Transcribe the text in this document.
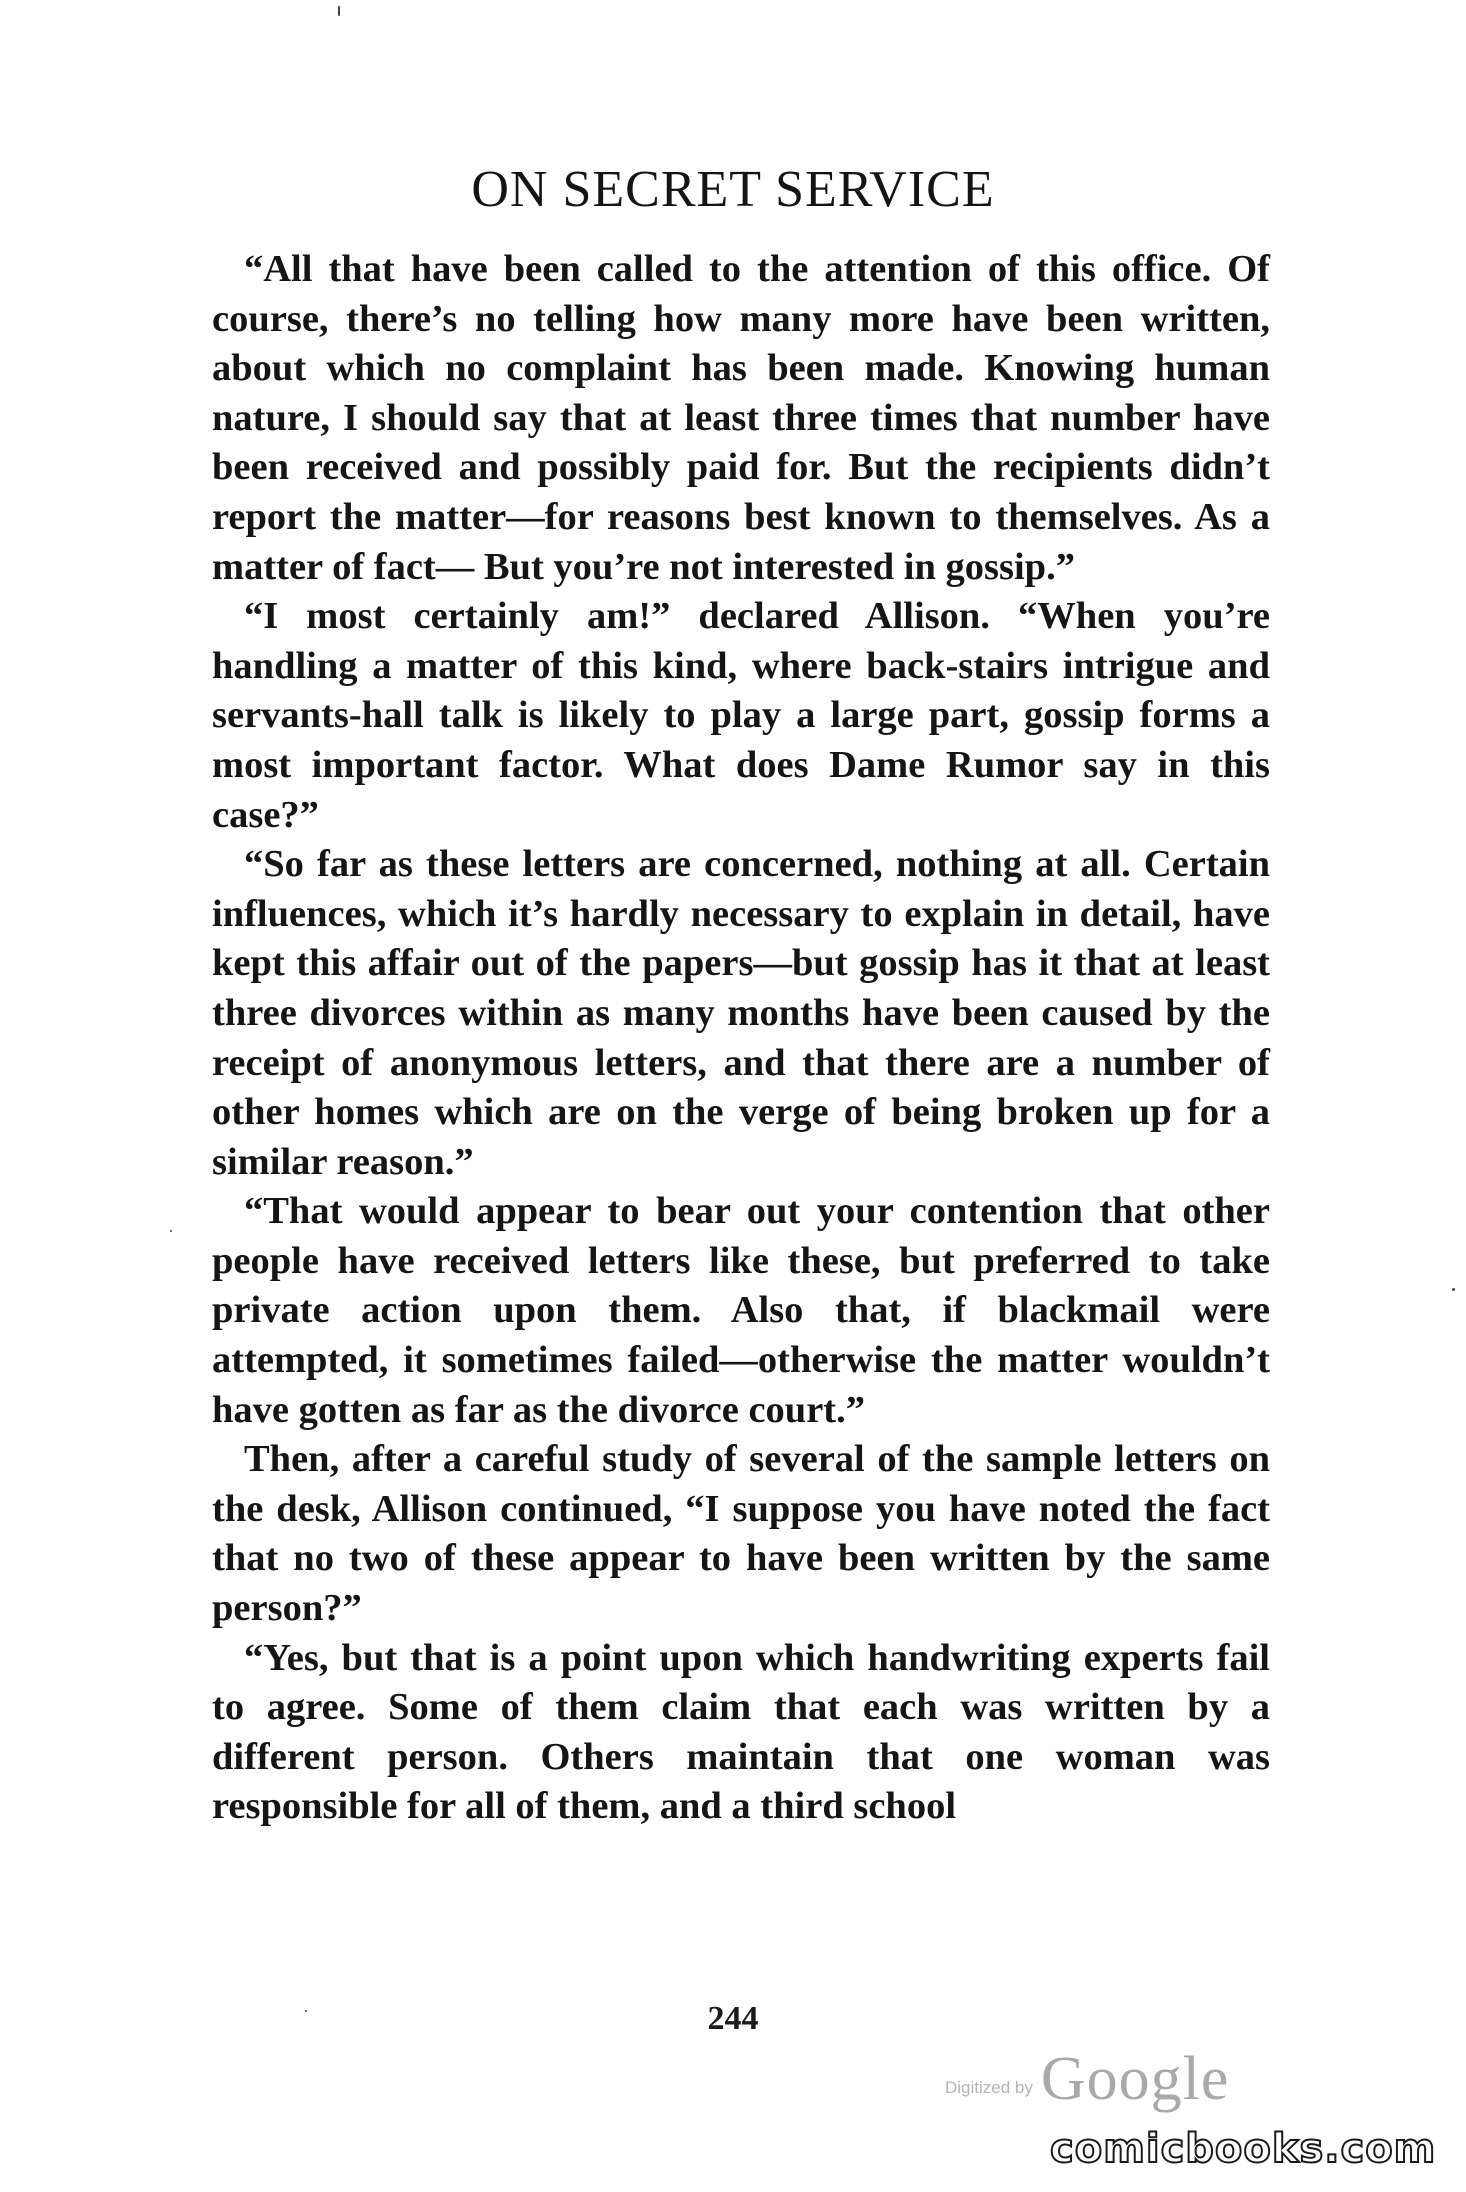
ON SECRET SERVICE

“All that have been called to the attention of this office. Of course, there’s no telling how many more have been written, about which no complaint has been made. Knowing human nature, I should say that at least three times that number have been received and possibly paid for. But the recipients didn’t report the matter—for reasons best known to themselves. As a matter of fact— But you’re not interested in gossip.”

“I most certainly am!” declared Allison. “When you’re handling a matter of this kind, where back-stairs intrigue and servants-hall talk is likely to play a large part, gossip forms a most important factor. What does Dame Rumor say in this case?”

“So far as these letters are concerned, nothing at all. Certain influences, which it’s hardly necessary to explain in detail, have kept this affair out of the papers—but gossip has it that at least three divorces within as many months have been caused by the receipt of anonymous letters, and that there are a number of other homes which are on the verge of being broken up for a similar reason.”

“That would appear to bear out your contention that other people have received letters like these, but preferred to take private action upon them. Also that, if blackmail were attempted, it sometimes failed—otherwise the matter wouldn’t have gotten as far as the divorce court.”

Then, after a careful study of several of the sample letters on the desk, Allison continued, “I suppose you have noted the fact that no two of these appear to have been written by the same person?”

“Yes, but that is a point upon which handwriting experts fail to agree. Some of them claim that each was written by a different person. Others maintain that one woman was responsible for all of them, and a third school

244
Digitized by Google
comicbooks.com
